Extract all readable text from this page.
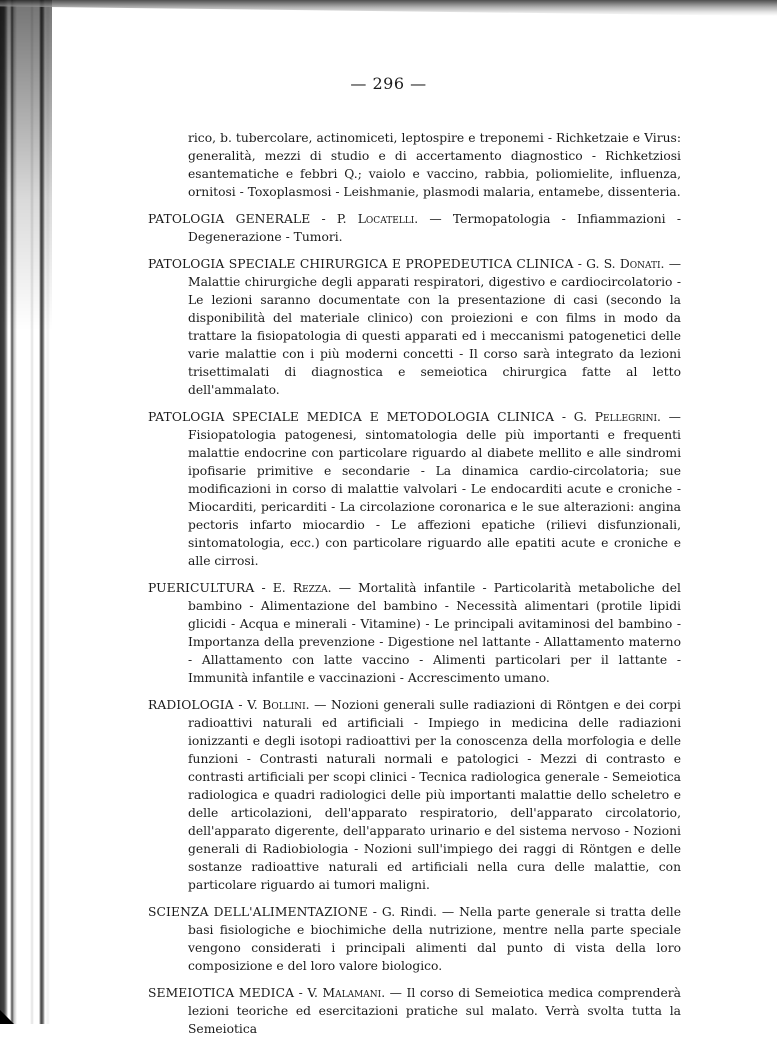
— 296 —

rico, b. tubercolare, actinomiceti, leptospire e treponemi - Richketzaie e Virus: generalità, mezzi di studio e di accertamento diagnostico - Richketziosi esantematiche e febbri Q.; vaiolo e vaccino, rabbia, poliomielite, influenza, ornitosi - Toxoplasmosi - Leishmanie, plasmodi malaria, entamebe, dissenteria.

PATOLOGIA GENERALE - P. Locatelli. — Termopatologia - Infiammazioni - Degenerazione - Tumori.
PATOLOGIA SPECIALE CHIRURGICA E PROPEDEUTICA CLINICA - G. S. Donati. — Malattie chirurgiche degli apparati respiratori, digestivo e cardiocircolatorio - Le lezioni saranno documentate con la presentazione di casi (secondo la disponibilità del materiale clinico) con proiezioni e con films in modo da trattare la fisiopatologia di questi apparati ed i meccanismi patogenetici delle varie malattie con i più moderni concetti - Il corso sarà integrato da lezioni trisettimalati di diagnostica e semeiotica chirurgica fatte al letto dell'ammalato.
PATOLOGIA SPECIALE MEDICA E METODOLOGIA CLINICA - G. Pellegrini. — Fisiopatologia patogenesi, sintomatologia delle più importanti e frequenti malattie endocrine con particolare riguardo al diabete mellito e alle sindromi ipofisarie primitive e secondarie - La dinamica cardio-circolatoria; sue modificazioni in corso di malattie valvolari - Le endocarditi acute e croniche - Miocarditi, pericarditi - La circolazione coronarica e le sue alterazioni: angina pectoris infarto miocardio - Le affezioni epatiche (rilievi disfunzionali, sintomatologia, ecc.) con particolare riguardo alle epatiti acute e croniche e alle cirrosi.
PUERICULTURA - E. Rezza. — Mortalità infantile - Particolarità metaboliche del bambino - Alimentazione del bambino - Necessità alimentari (protile lipidi glicidi - Acqua e minerali - Vitamine) - Le principali avitaminosi del bambino - Importanza della prevenzione - Digestione nel lattante - Allattamento materno - Allattamento con latte vaccino - Alimenti particolari per il lattante - Immunità infantile e vaccinazioni - Accrescimento umano.
RADIOLOGIA - V. Bollini. — Nozioni generali sulle radiazioni di Röntgen e dei corpi radioattivi naturali ed artificiali - Impiego in medicina delle radiazioni ionizzanti e degli isotopi radioattivi per la conoscenza della morfologia e delle funzioni - Contrasti naturali normali e patologici - Mezzi di contrasto e contrasti artificiali per scopi clinici - Tecnica radiologica generale - Semeiotica radiologica e quadri radiologici delle più importanti malattie dello scheletro e delle articolazioni, dell'apparato respiratorio, dell'apparato circolatorio, dell'apparato digerente, dell'apparato urinario e del sistema nervoso - Nozioni generali di Radiobiologia - Nozioni sull'impiego dei raggi di Röntgen e delle sostanze radioattive naturali ed artificiali nella cura delle malattie, con particolare riguardo ai tumori maligni.
SCIENZA DELL'ALIMENTAZIONE - G. Rindi. — Nella parte generale si tratta delle basi fisiologiche e biochimiche della nutrizione, mentre nella parte speciale vengono considerati i principali alimenti dal punto di vista della loro composizione e del loro valore biologico.
SEMEIOTICA MEDICA - V. Malamani. — Il corso di Semeiotica medica comprenderà lezioni teoriche ed esercitazioni pratiche sul malato. Verrà svolta tutta la Semeiotica
